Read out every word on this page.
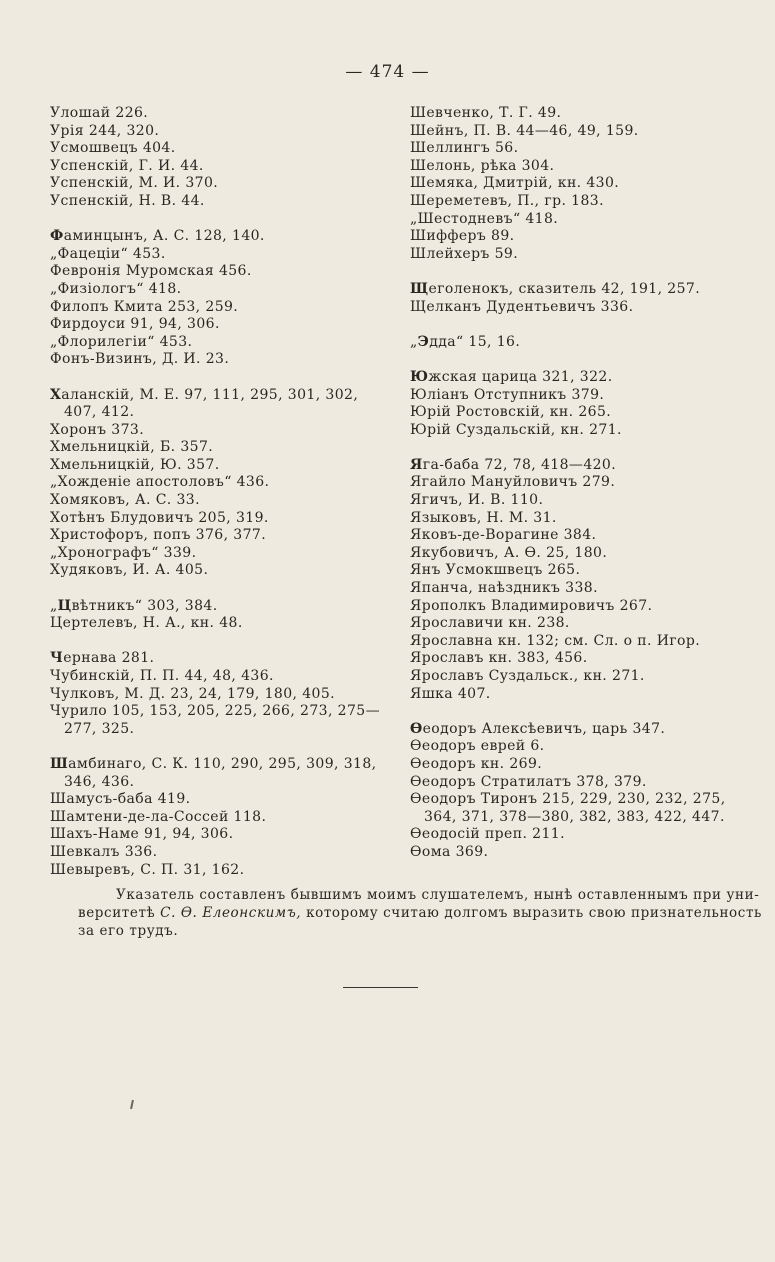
— 474 —
Улошай 226.
Урія 244, 320.
Усмошвецъ 404.
Успенскій, Г. И. 44.
Успенскій, М. И. 370.
Успенскій, Н. В. 44.
Фаминцынъ, А. С. 128, 140.
„Фацеціи“ 453.
Февронія Муромская 456.
„Физіологъ“ 418.
Филопъ Кмита 253, 259.
Фирдоуси 91, 94, 306.
„Флорилегіи“ 453.
Фонъ-Визинъ, Д. И. 23.
Халанскій, М. Е. 97, 111, 295, 301, 302,
407, 412.
Хоронъ 373.
Хмельницкій, Б. 357.
Хмельницкій, Ю. 357.
„Хожденіе апостоловъ“ 436.
Хомяковъ, А. С. 33.
Хотѣнъ Блудовичъ 205, 319.
Христофоръ, попъ 376, 377.
„Хронографъ“ 339.
Худяковъ, И. А. 405.
„Цвѣтникъ“ 303, 384.
Цертелевъ, Н. А., кн. 48.
Чернава 281.
Чубинскій, П. П. 44, 48, 436.
Чулковъ, М. Д. 23, 24, 179, 180, 405.
Чурило 105, 153, 205, 225, 266, 273, 275—
277, 325.
Шамбинаго, С. К. 110, 290, 295, 309, 318,
346, 436.
Шамусъ-баба 419.
Шамтени-де-ла-Соссей 118.
Шахъ-Наме 91, 94, 306.
Шевкалъ 336.
Шевыревъ, С. П. 31, 162.
Шевченко, Т. Г. 49.
Шейнъ, П. В. 44—46, 49, 159.
Шеллингъ 56.
Шелонь, рѣка 304.
Шемяка, Дмитрій, кн. 430.
Шереметевъ, П., гр. 183.
„Шестодневъ“ 418.
Шифферъ 89.
Шлейхеръ 59.
Щеголенокъ, сказитель 42, 191, 257.
Щелканъ Дудентьевичъ 336.
„Эдда“ 15, 16.
Южская царица 321, 322.
Юліанъ Отступникъ 379.
Юрій Ростовскій, кн. 265.
Юрій Суздальскій, кн. 271.
Яга-баба 72, 78, 418—420.
Ягайло Мануйловичъ 279.
Ягичъ, И. В. 110.
Языковъ, Н. М. 31.
Яковъ-де-Ворагине 384.
Якубовичъ, А. Ѳ. 25, 180.
Янъ Усмокшвецъ 265.
Япанча, наѣздникъ 338.
Ярополкъ Владимировичъ 267.
Ярославичи кн. 238.
Ярославна кн. 132; см. Сл. о п. Игор.
Ярославъ кн. 383, 456.
Ярославъ Суздальск., кн. 271.
Яшка 407.
Ѳеодоръ Алексѣевичъ, царь 347.
Ѳеодоръ еврей 6.
Ѳеодоръ кн. 269.
Ѳеодоръ Стратилатъ 378, 379.
Ѳеодоръ Тиронъ 215, 229, 230, 232, 275,
364, 371, 378—380, 382, 383, 422, 447.
Ѳеодосій преп. 211.
Ѳома 369.
Указатель составленъ бывшимъ моимъ слушателемъ, нынѣ оставленнымъ при уни-
верситетѣ С. Ѳ. Елеонскимъ, которому считаю долгомъ выразить свою признательность
за его трудъ.
